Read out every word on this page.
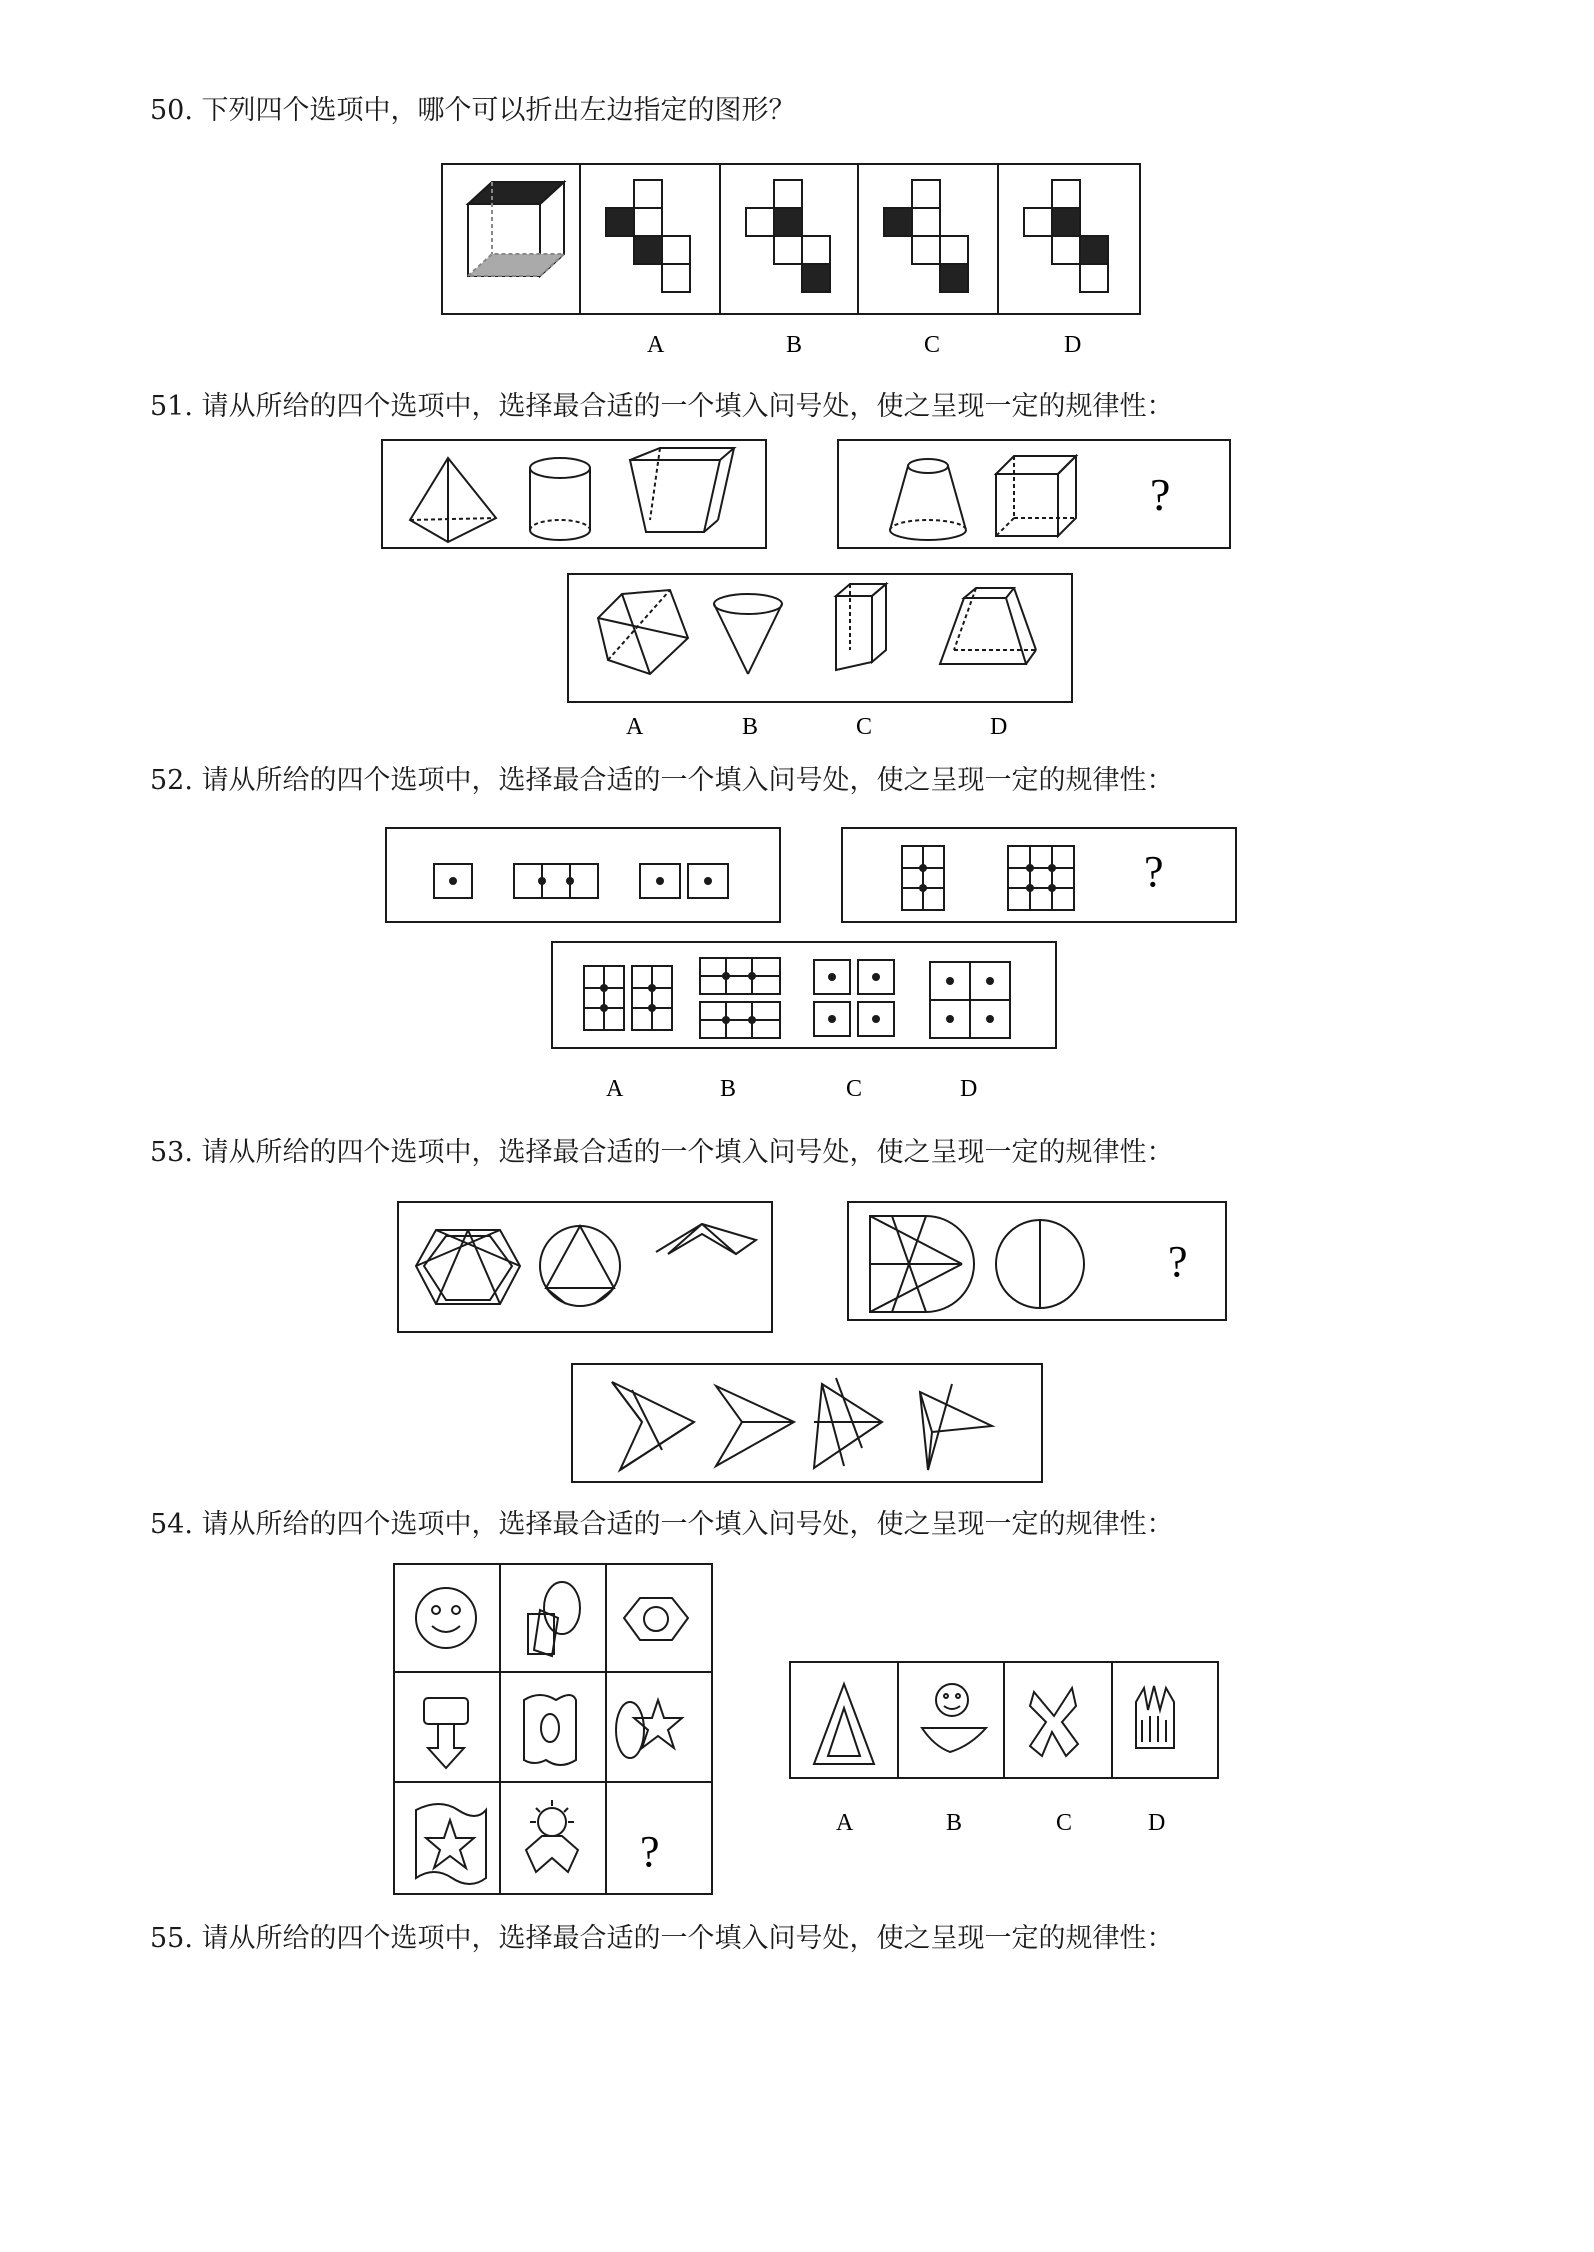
50. 下列四个选项中，哪个可以折出左边指定的图形？
A	B	C	D
51. 请从所给的四个选项中，选择最合适的一个填入问号处，使之呈现一定的规律性：
?
A	B	C	D
52. 请从所给的四个选项中，选择最合适的一个填入问号处，使之呈现一定的规律性：
?
A	B	C	D
53. 请从所给的四个选项中，选择最合适的一个填入问号处，使之呈现一定的规律性：
?
54. 请从所给的四个选项中，选择最合适的一个填入问号处，使之呈现一定的规律性：
?
A	B	C	D
55. 请从所给的四个选项中，选择最合适的一个填入问号处，使之呈现一定的规律性：
